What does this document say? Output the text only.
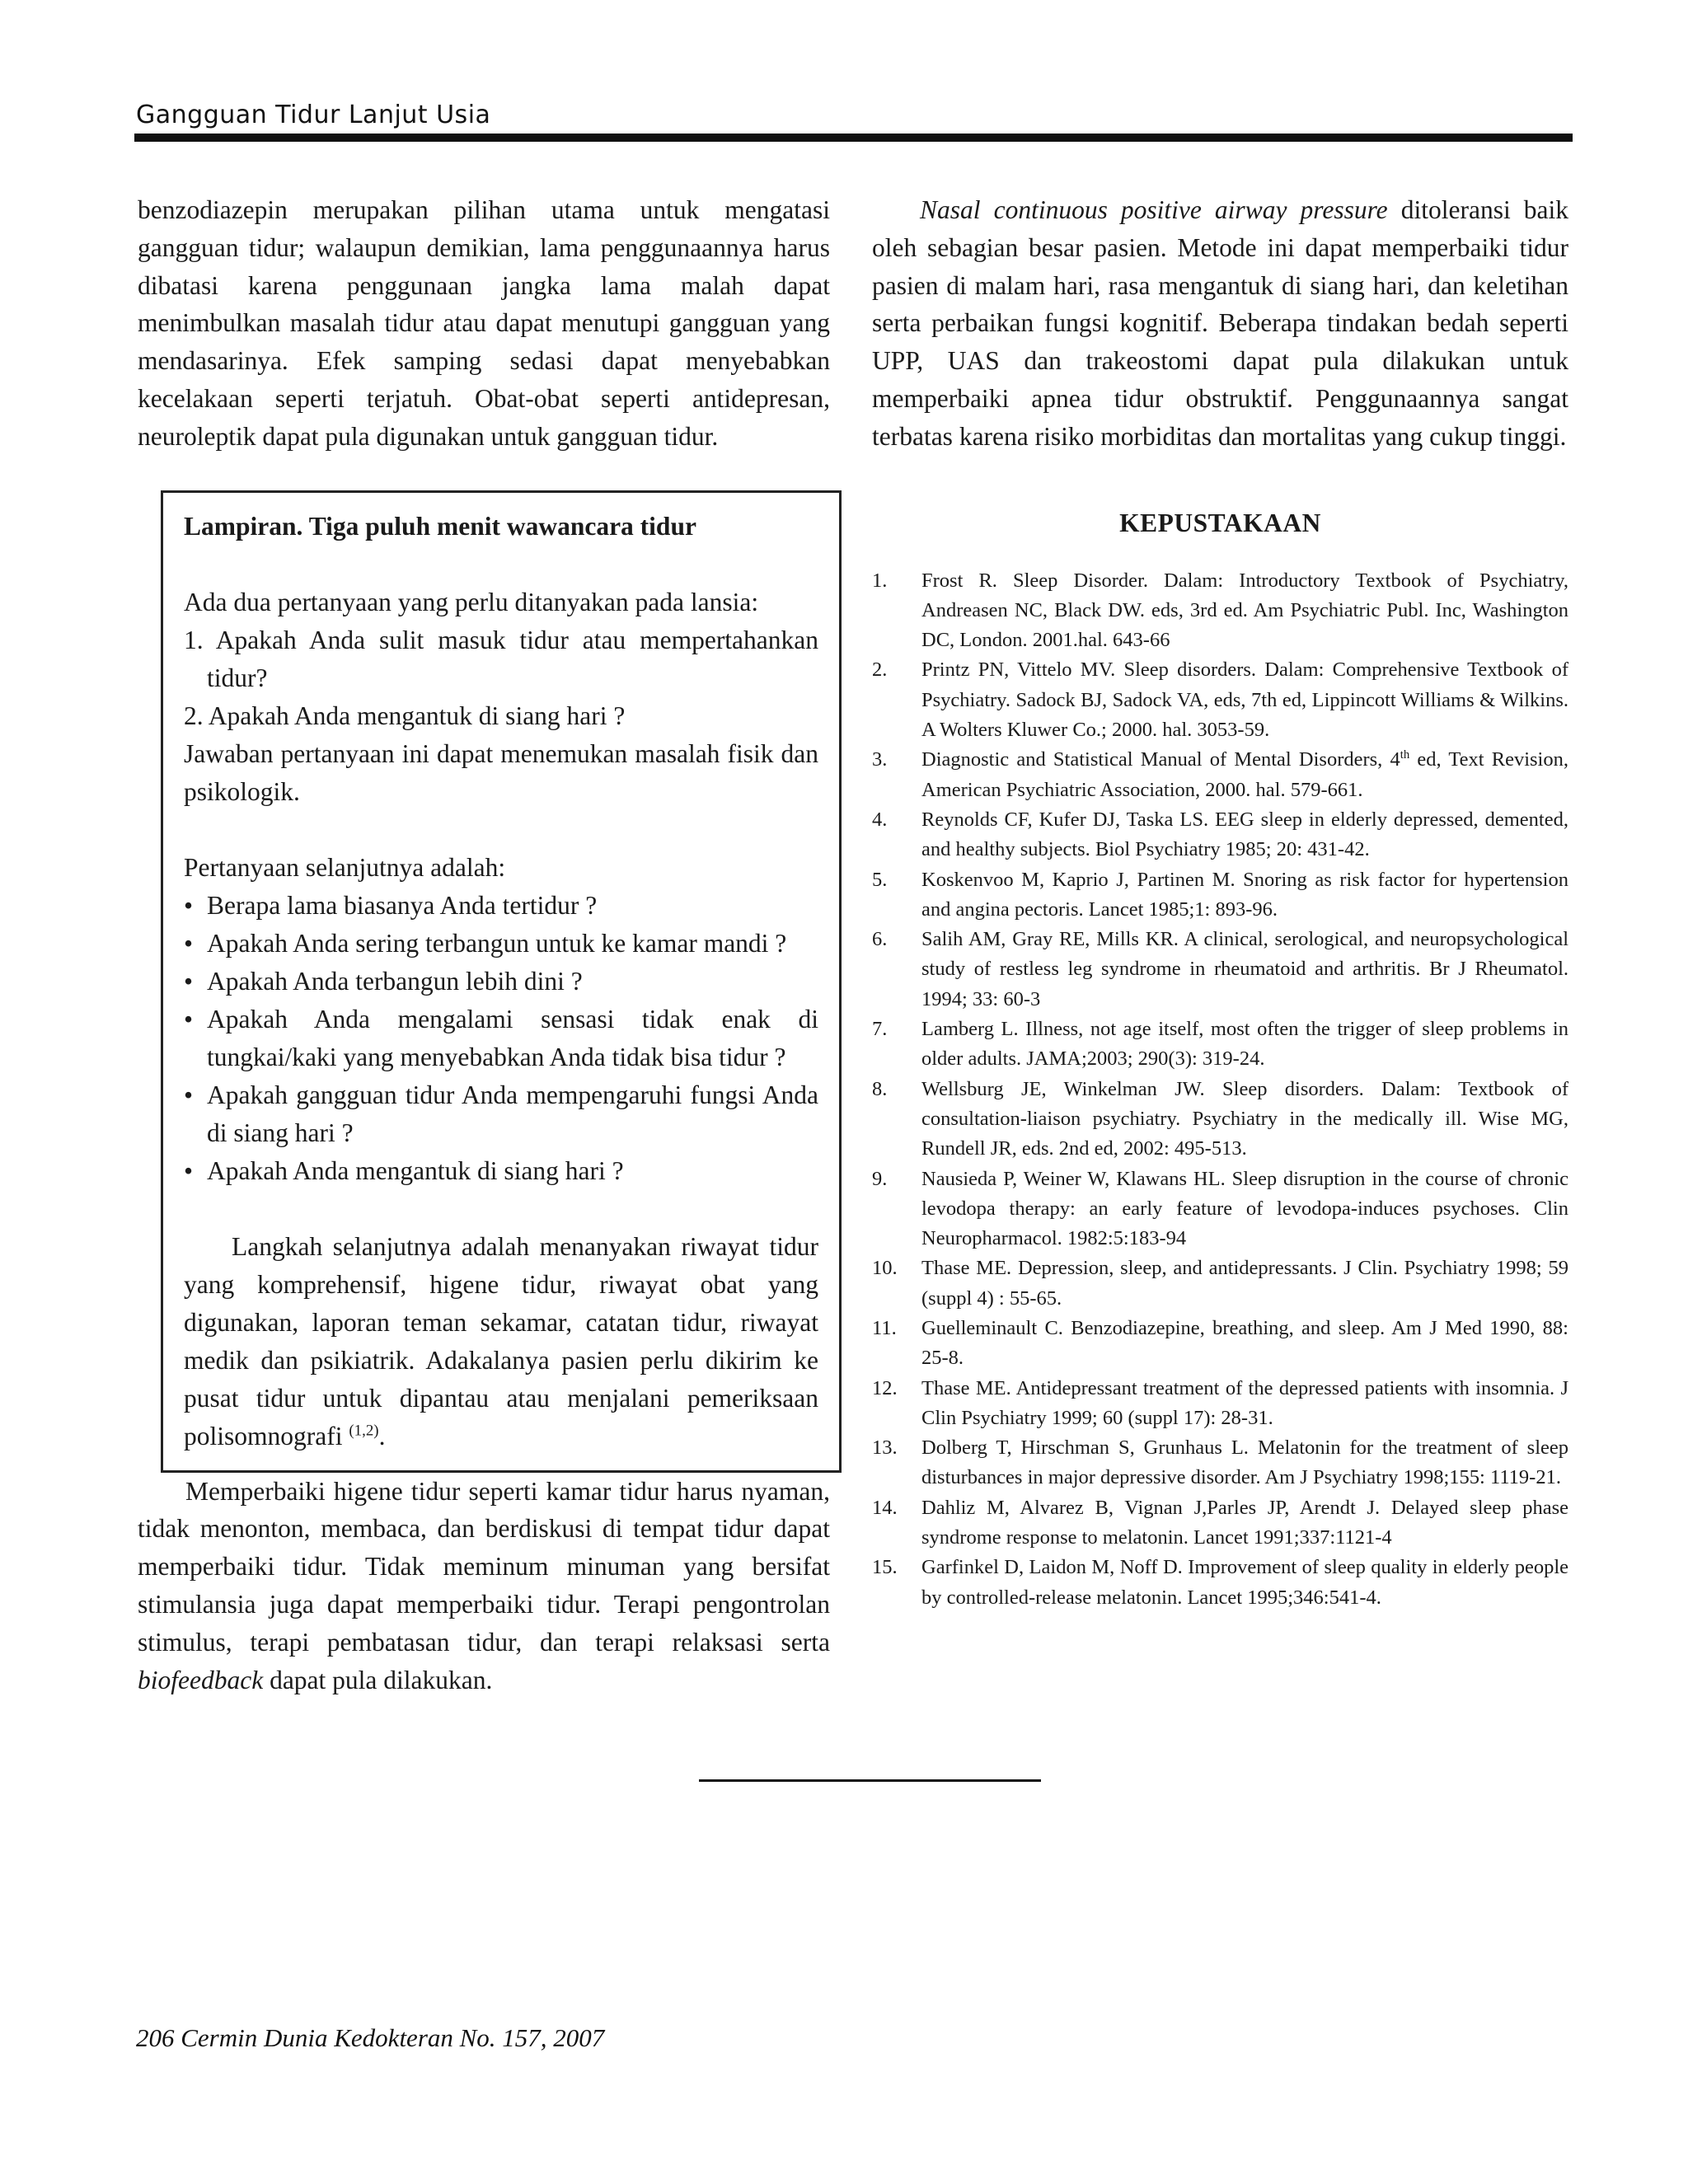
Gangguan Tidur Lanjut Usia

benzodiazepin merupakan pilihan utama untuk mengatasi gangguan tidur; walaupun demikian, lama penggunaannya harus dibatasi karena penggunaan jangka lama malah dapat menimbulkan masalah tidur atau dapat menutupi gangguan yang mendasarinya. Efek samping sedasi dapat menyebabkan kecelakaan seperti terjatuh. Obat-obat seperti antidepresan, neuroleptik dapat pula digunakan untuk gangguan tidur.

Lampiran. Tiga puluh menit wawancara tidur

Ada dua pertanyaan yang perlu ditanyakan pada lansia:

1. Apakah Anda sulit masuk tidur atau mempertahankan tidur?

2. Apakah Anda mengantuk di siang hari ?

Jawaban pertanyaan ini dapat menemukan masalah fisik dan psikologik.

Pertanyaan selanjutnya adalah:

• Berapa lama biasanya Anda tertidur ?
• Apakah Anda sering terbangun untuk ke kamar mandi ?
• Apakah Anda terbangun lebih dini ?
• Apakah Anda mengalami sensasi tidak enak di tungkai/kaki yang menyebabkan Anda tidak bisa tidur ?
• Apakah gangguan tidur Anda mempengaruhi fungsi Anda di siang hari ?
• Apakah Anda mengantuk di siang hari ?

Langkah selanjutnya adalah menanyakan riwayat tidur yang komprehensif, higene tidur, riwayat obat yang digunakan, laporan teman sekamar, catatan tidur, riwayat medik dan psikiatrik. Adakalanya pasien perlu dikirim ke pusat tidur untuk dipantau atau menjalani pemeriksaan polisomnografi $^{(1,2)}$.

Memperbaiki higene tidur seperti kamar tidur harus nyaman, tidak menonton, membaca, dan berdiskusi di tempat tidur dapat memperbaiki tidur. Tidak meminum minuman yang bersifat stimulansia juga dapat memperbaiki tidur. Terapi pengontrolan stimulus, terapi pembatasan tidur, dan terapi relaksasi serta biofeedback dapat pula dilakukan.

Nasal continuous positive airway pressure ditoleransi baik oleh sebagian besar pasien. Metode ini dapat memperbaiki tidur pasien di malam hari, rasa mengantuk di siang hari, dan keletihan serta perbaikan fungsi kognitif. Beberapa tindakan bedah seperti UPP, UAS dan trakeostomi dapat pula dilakukan untuk memperbaiki apnea tidur obstruktif. Penggunaannya sangat terbatas karena risiko morbiditas dan mortalitas yang cukup tinggi.

KEPUSTAKAAN
1. Frost R. Sleep Disorder. Dalam: Introductory Textbook of Psychiatry, Andreasen NC, Black DW. eds, 3rd ed. Am Psychiatric Publ. Inc, Washington DC, London. 2001.hal. 643-66
2. Printz PN, Vittelo MV. Sleep disorders. Dalam: Comprehensive Textbook of Psychiatry. Sadock BJ, Sadock VA, eds, 7th ed, Lippincott Williams & Wilkins. A Wolters Kluwer Co.; 2000. hal. 3053-59.
3. Diagnostic and Statistical Manual of Mental Disorders, 4th ed, Text Revision, American Psychiatric Association, 2000. hal. 579-661.
4. Reynolds CF, Kufer DJ, Taska LS. EEG sleep in elderly depressed, demented, and healthy subjects. Biol Psychiatry 1985; 20: 431-42.
5. Koskenvoo M, Kaprio J, Partinen M. Snoring as risk factor for hypertension and angina pectoris. Lancet 1985;1: 893-96.
6. Salih AM, Gray RE, Mills KR. A clinical, serological, and neuropsychological study of restless leg syndrome in rheumatoid and arthritis. Br J Rheumatol. 1994; 33: 60-3
7. Lamberg L. Illness, not age itself, most often the trigger of sleep problems in older adults. JAMA;2003; 290(3): 319-24.
8. Wellsburg JE, Winkelman JW. Sleep disorders. Dalam: Textbook of consultation-liaison psychiatry. Psychiatry in the medically ill. Wise MG, Rundell JR, eds. 2nd ed, 2002: 495-513.
9. Nausieda P, Weiner W, Klawans HL. Sleep disruption in the course of chronic levodopa therapy: an early feature of levodopa-induces psychoses. Clin Neuropharmacol. 1982:5:183-94
10. Thase ME. Depression, sleep, and antidepressants. J Clin. Psychiatry 1998; 59 (suppl 4) : 55-65.
11. Guelleminault C. Benzodiazepine, breathing, and sleep. Am J Med 1990, 88: 25-8.
12. Thase ME. Antidepressant treatment of the depressed patients with insomnia. J Clin Psychiatry 1999; 60 (suppl 17): 28-31.
13. Dolberg T, Hirschman S, Grunhaus L. Melatonin for the treatment of sleep disturbances in major depressive disorder. Am J Psychiatry 1998;155: 1119-21.
14. Dahliz M, Alvarez B, Vignan J,Parles JP, Arendt J. Delayed sleep phase syndrome response to melatonin. Lancet 1991;337:1121-4
15. Garfinkel D, Laidon M, Noff D. Improvement of sleep quality in elderly people by controlled-release melatonin. Lancet 1995;346:541-4.
206 Cermin Dunia Kedokteran No. 157, 2007
